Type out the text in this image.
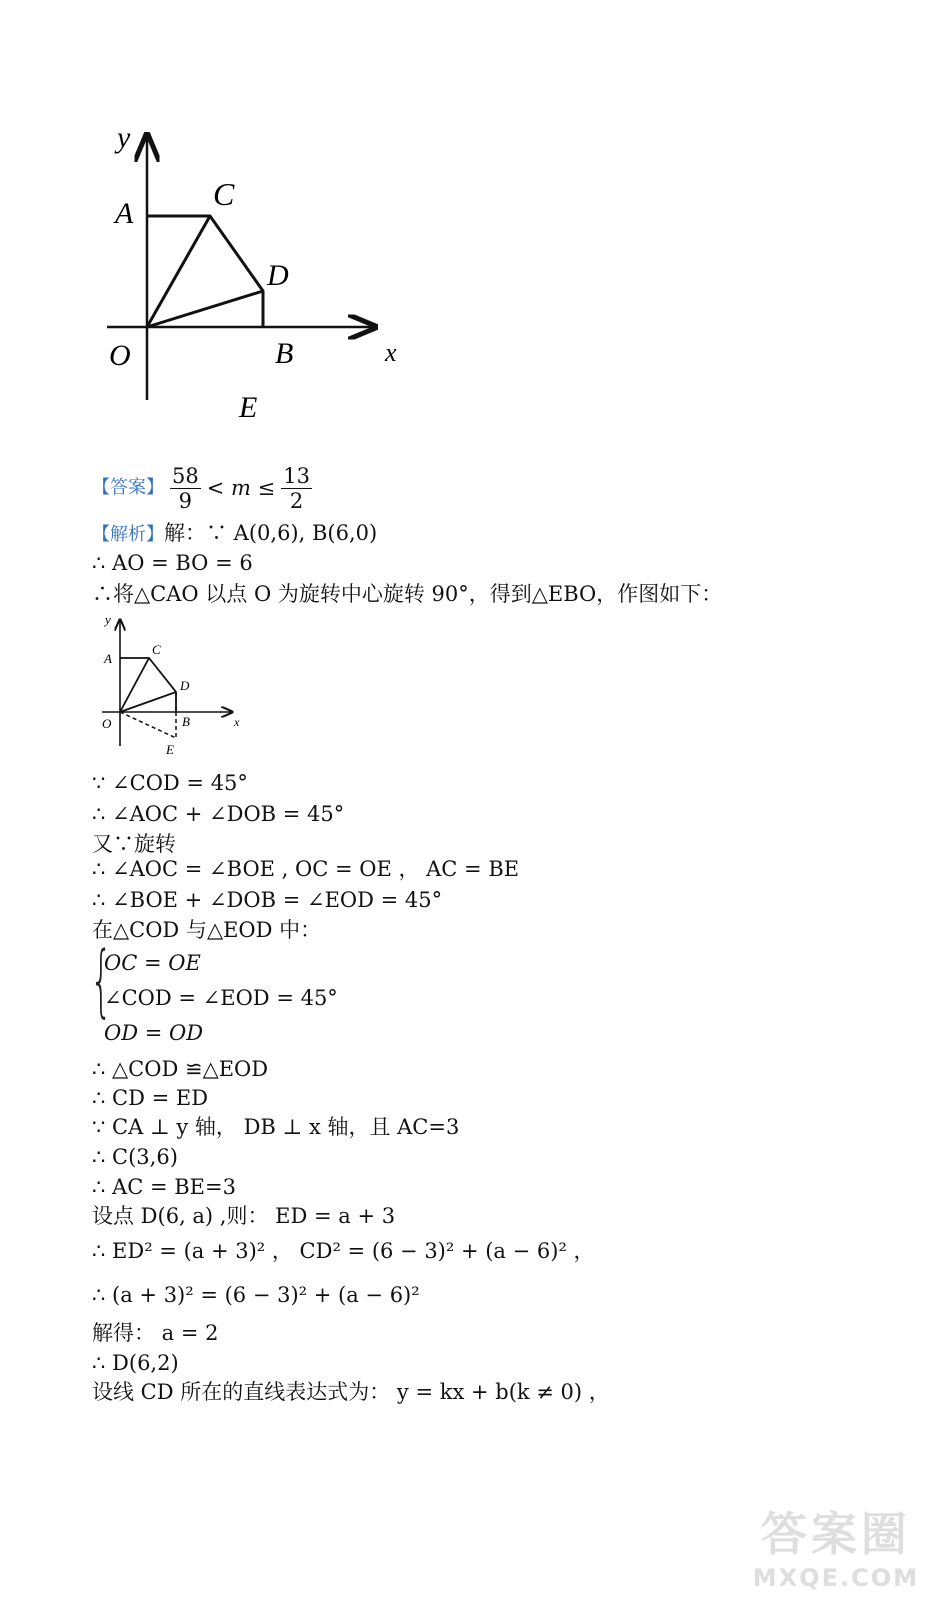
y
A
C
D
O	B	x
E
【答案】 $\frac{58}{9} < m \le \frac{13}{2}$
【解析】解：∵ A(0,6), B(6,0)
∴ AO = BO = 6
∴将△CAO 以点 O 为旋转中心旋转 90°，得到△EBO，作图如下：
y
A
C
D
O	B	x
E
∵ ∠COD = 45°
∴ ∠AOC + ∠DOB = 45°
又∵旋转
∴ ∠AOC = ∠BOE , OC = OE ， AC = BE
∴ ∠BOE + ∠DOB = ∠EOD = 45°
在△COD 与△EOD 中：
{
OC = OE
∠COD = ∠EOD = 45°
OD = OD
∴ △COD ≌△EOD
∴ CD = ED
∵ CA ⊥ y 轴， DB ⊥ x 轴，且 AC=3
∴ C(3,6)
∴ AC = BE=3
设点 D(6, a) ,则： ED = a + 3
∴ ED² = (a + 3)² ， CD² = (6 − 3)² + (a − 6)² ，
∴ (a + 3)² = (6 − 3)² + (a − 6)²
解得： a = 2
∴ D(6,2)
设线 CD 所在的直线表达式为： y = kx + b(k ≠ 0) ，
答案圈
MXQE.COM
